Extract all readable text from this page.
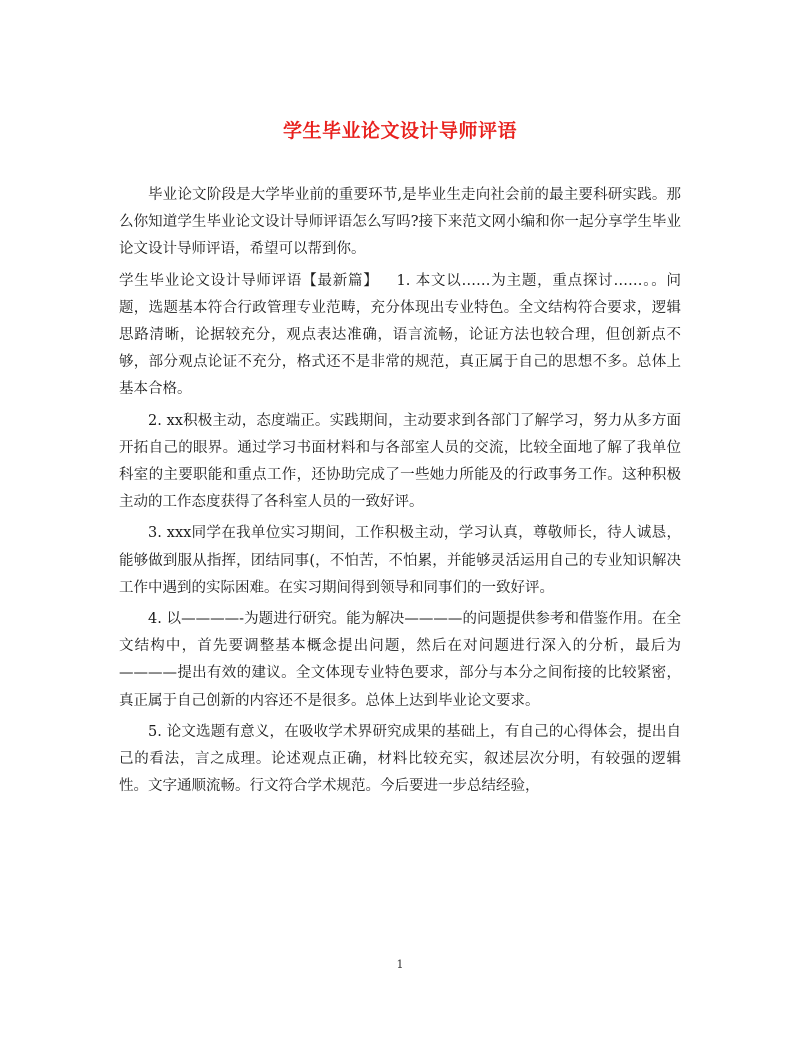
学生毕业论文设计导师评语

毕业论文阶段是大学毕业前的重要环节,是毕业生走向社会前的最主要科研实践。那么你知道学生毕业论文设计导师评语怎么写吗?接下来范文网小编和你一起分享学生毕业论文设计导师评语，希望可以帮到你。

学生毕业论文设计导师评语【最新篇】 1. 本文以……为主题，重点探讨……。。问题，选题基本符合行政管理专业范畴，充分体现出专业特色。全文结构符合要求，逻辑思路清晰，论据较充分，观点表达准确，语言流畅，论证方法也较合理，但创新点不够，部分观点论证不充分，格式还不是非常的规范，真正属于自己的思想不多。总体上基本合格。

2. xx积极主动，态度端正。实践期间，主动要求到各部门了解学习，努力从多方面开拓自己的眼界。通过学习书面材料和与各部室人员的交流，比较全面地了解了我单位科室的主要职能和重点工作，还协助完成了一些她力所能及的行政事务工作。这种积极主动的工作态度获得了各科室人员的一致好评。

3. xxx同学在我单位实习期间，工作积极主动，学习认真，尊敬师长，待人诚恳，能够做到服从指挥，团结同事(，不怕苦，不怕累，并能够灵活运用自己的专业知识解决工作中遇到的实际困难。在实习期间得到领导和同事们的一致好评。

4. 以————-为题进行研究。能为解决————的问题提供参考和借鉴作用。在全文结构中，首先要调整基本概念提出问题，然后在对问题进行深入的分析，最后为————提出有效的建议。全文体现专业特色要求，部分与本分之间衔接的比较紧密，真正属于自己创新的内容还不是很多。总体上达到毕业论文要求。

5. 论文选题有意义，在吸收学术界研究成果的基础上，有自己的心得体会，提出自己的看法，言之成理。论述观点正确，材料比较充实，叙述层次分明，有较强的逻辑性。文字通顺流畅。行文符合学术规范。今后要进一步总结经验，

1
